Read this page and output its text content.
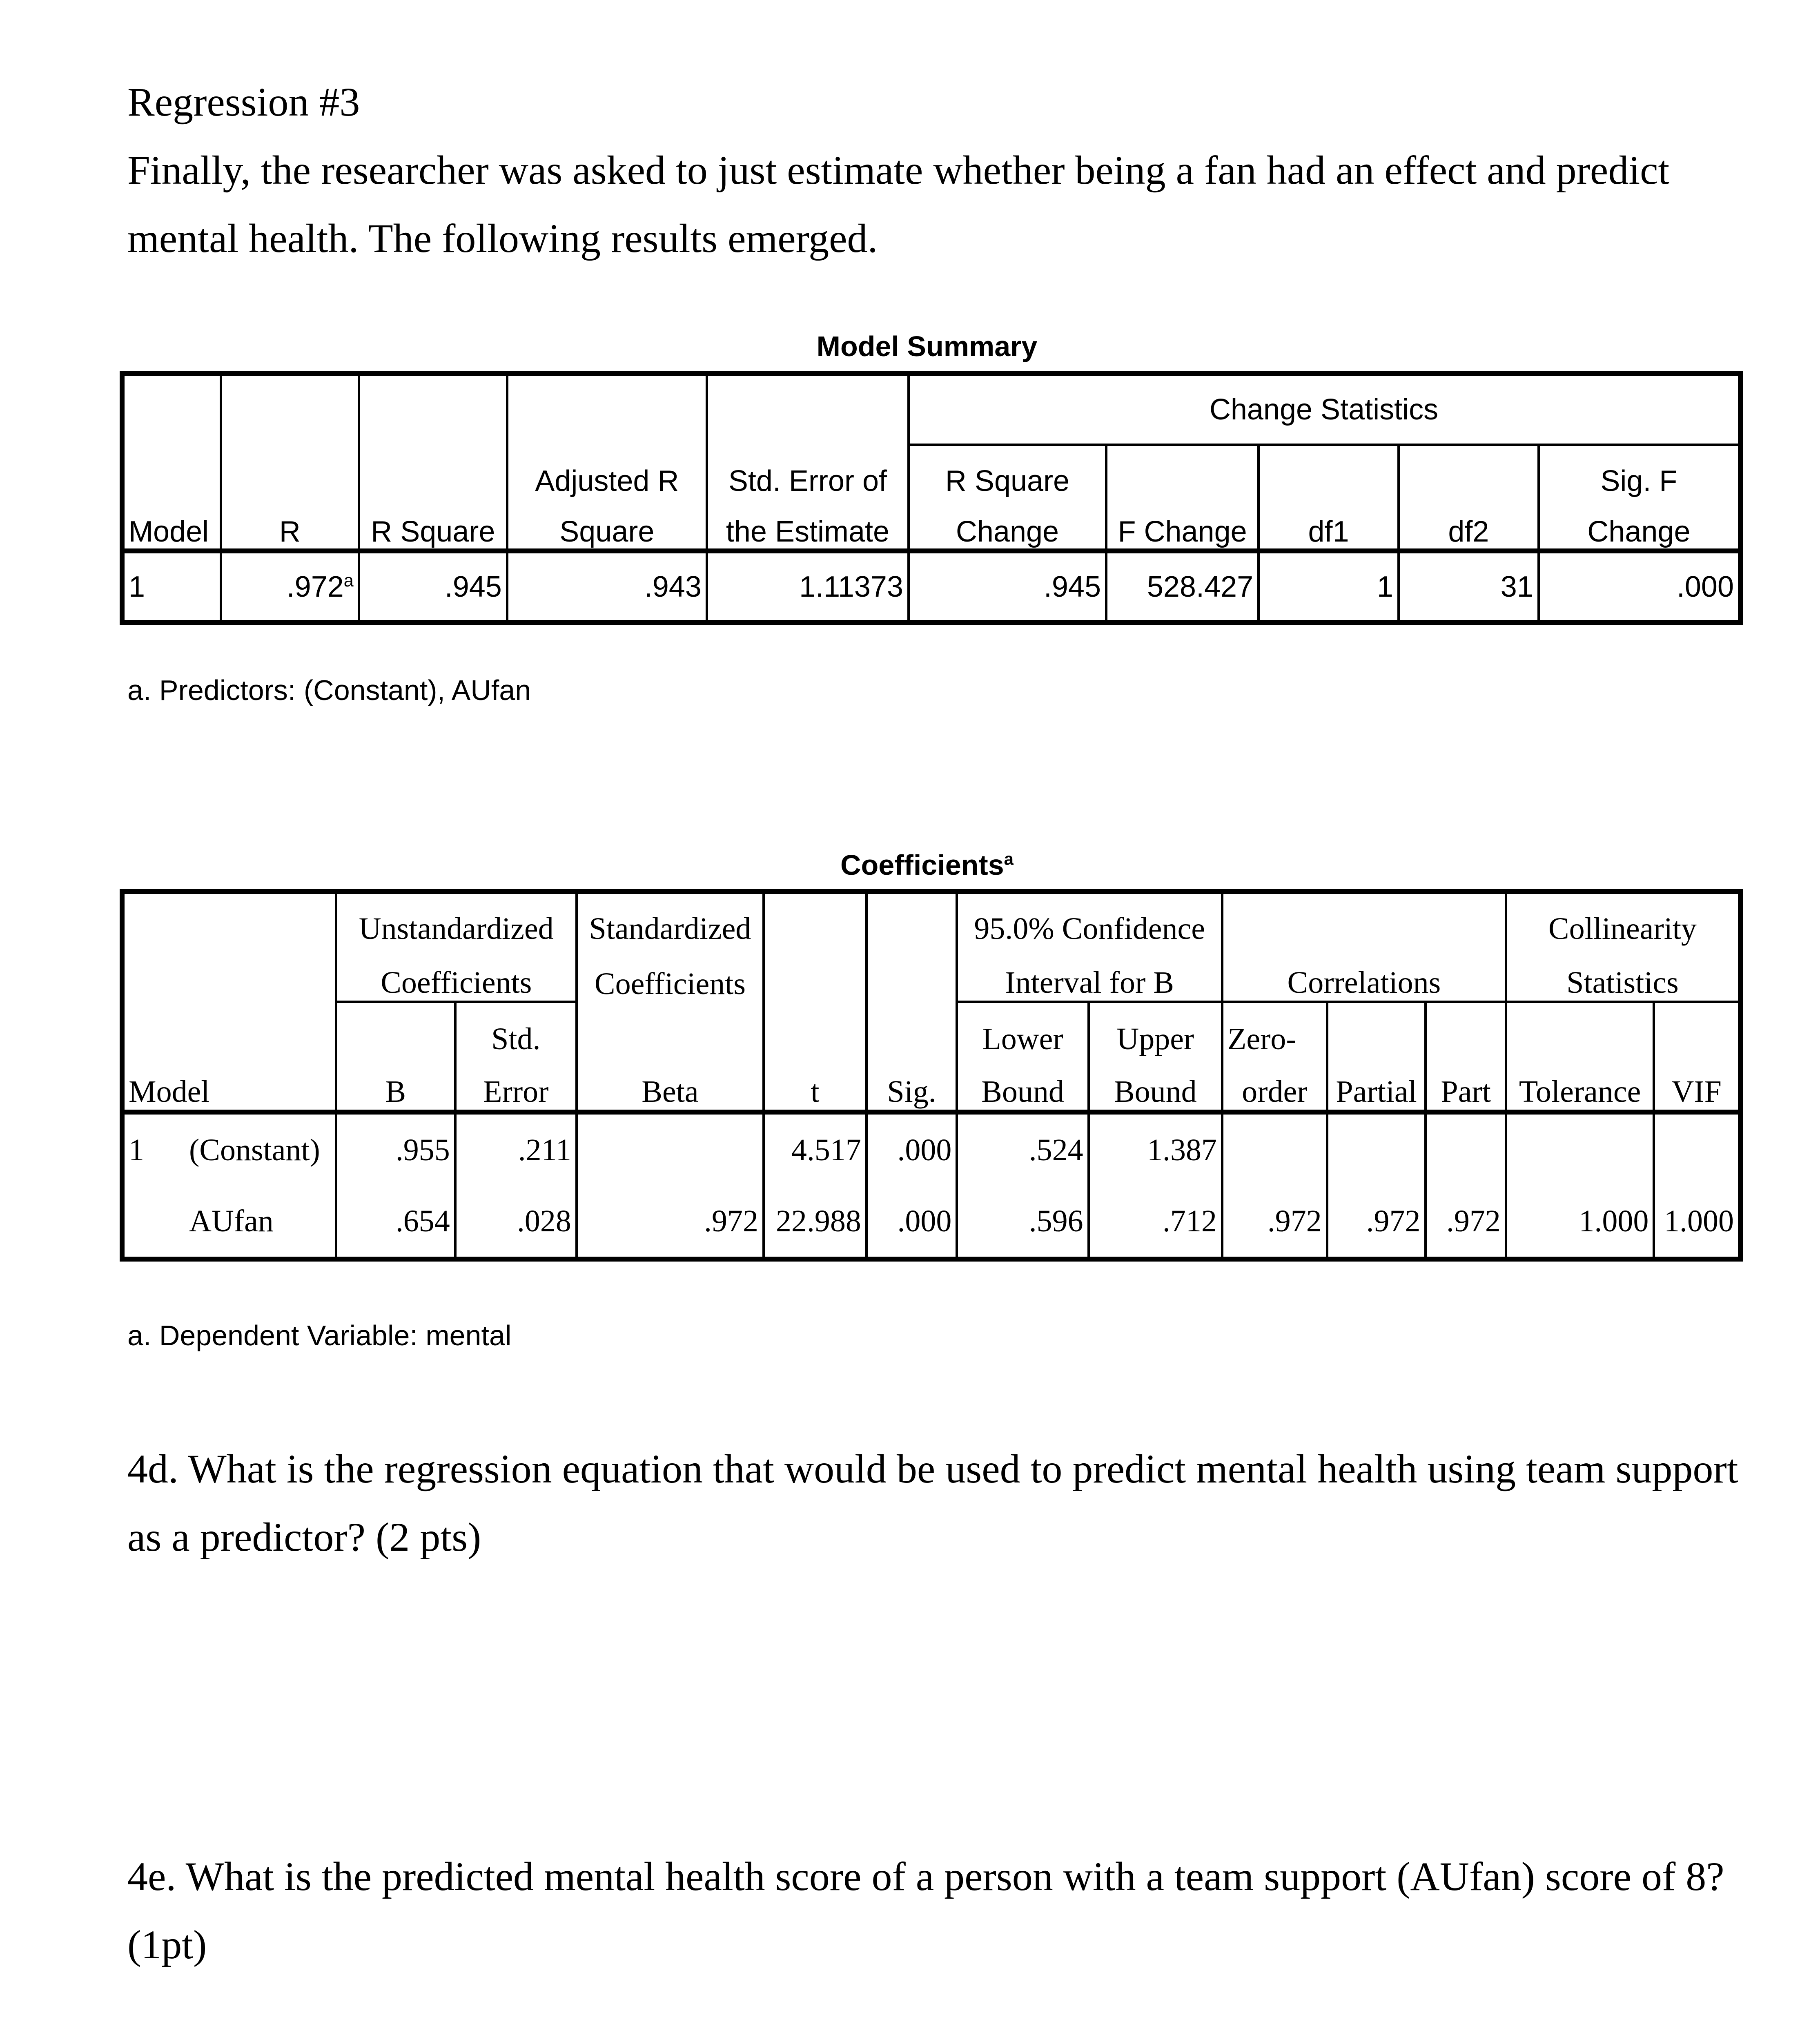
Regression #3
Finally, the researcher was asked to just estimate whether being a fan had an effect and predict mental health. The following results emerged.
Model Summary
					Change Statistics				
			Adjusted R	Std. Error of	R Square				Sig. F
Model	R	R Square	Square	the Estimate	Change	F Change	df1	df2	Change
1	.972$^a$	.945	.943	1.11373	.945	528.427	1	31	.000
a. Predictors: (Constant), AUfan
Coefficients$^a$
	Unstandardized		Standardized			95.0% Confidence					Collinearity	
	Coefficients		Coefficients			Interval for B		Correlations			Statistics	
		Std.				Lower	Upper	Zero-				
Model	B	Error	Beta	t	Sig.	Bound	Bound	order	Partial	Part	Tolerance	VIF
1 (Constant)	.955	.211		4.517	.000	.524	1.387					
AUfan	.654	.028	.972	22.988	.000	.596	.712	.972	.972	.972	1.000	1.000
a. Dependent Variable: mental
4d. What is the regression equation that would be used to predict mental health using team support as a predictor? (2 pts)
4e. What is the predicted mental health score of a person with a team support (AUfan) score of 8? (1pt)
